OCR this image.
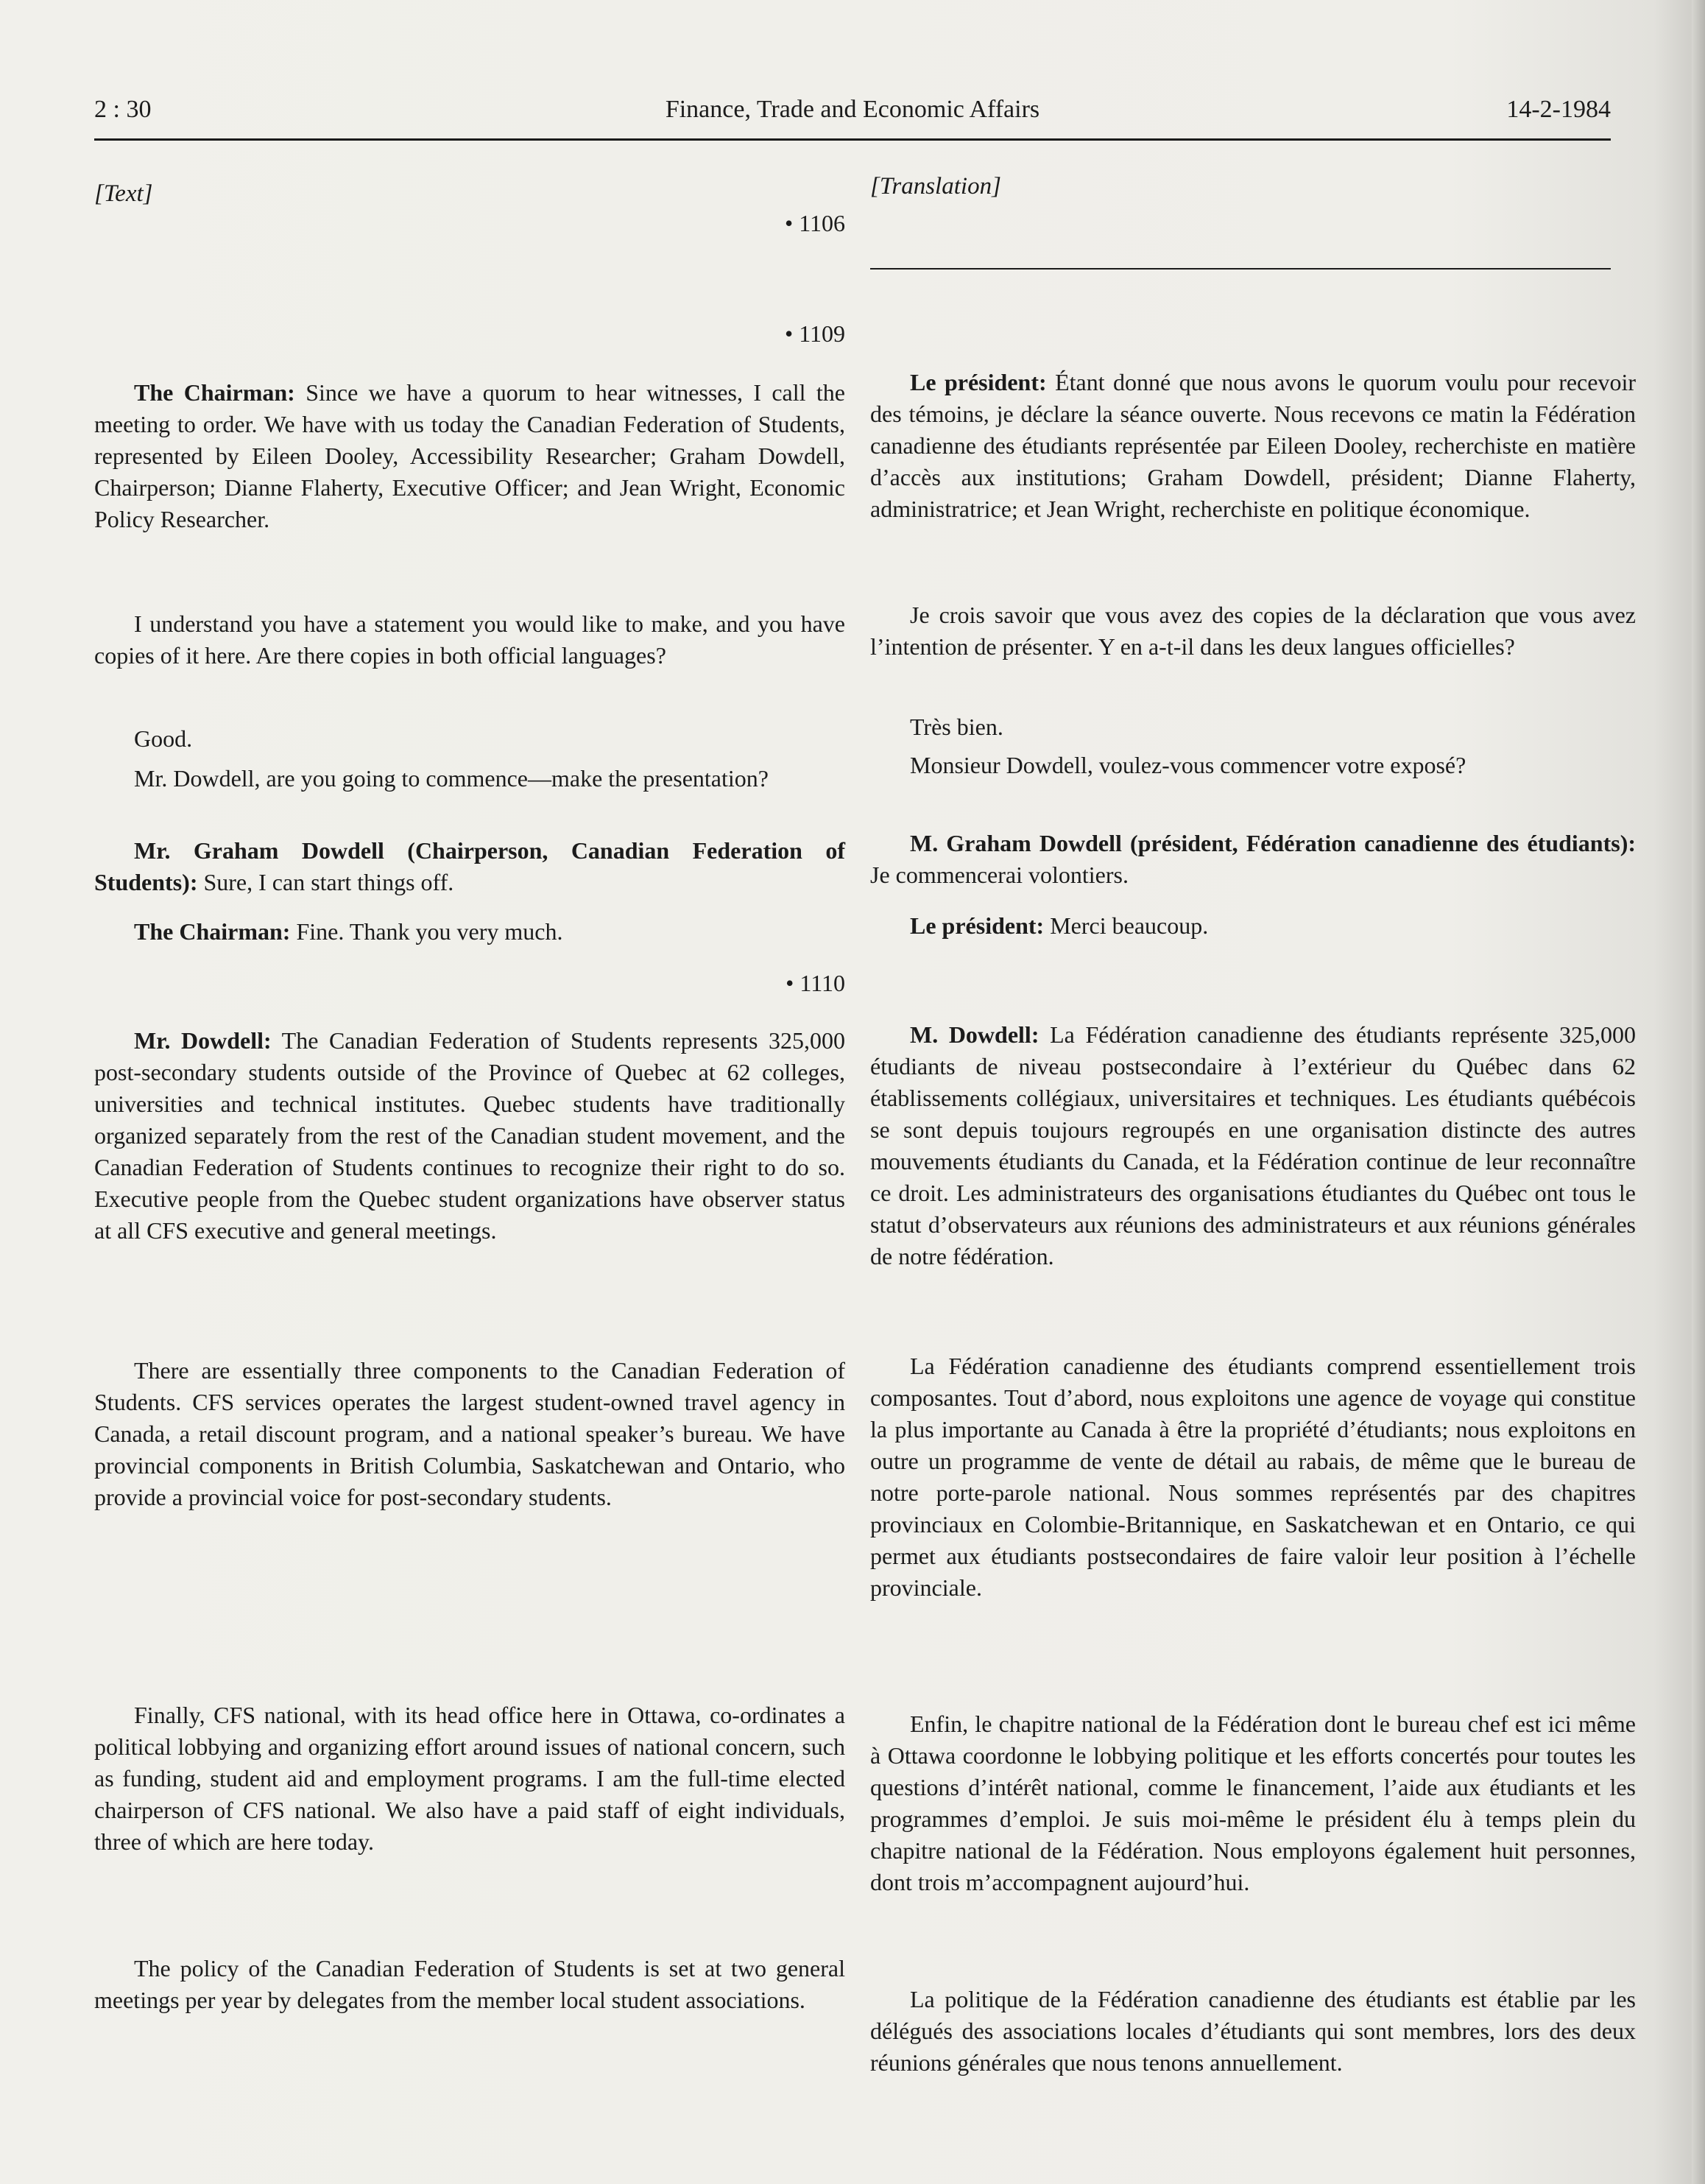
2 : 30	Finance, Trade and Economic Affairs	14-2-1984
[Text]
• 1106
• 1109

The Chairman: Since we have a quorum to hear witnesses, I call the meeting to order. We have with us today the Canadian Federation of Students, represented by Eileen Dooley, Accessibility Researcher; Graham Dowdell, Chairperson; Dianne Flaherty, Executive Officer; and Jean Wright, Economic Policy Researcher.

I understand you have a statement you would like to make, and you have copies of it here. Are there copies in both official languages?

Good.

Mr. Dowdell, are you going to commence—make the presentation?

Mr. Graham Dowdell (Chairperson, Canadian Federation of Students): Sure, I can start things off.

The Chairman: Fine. Thank you very much.

• 1110

Mr. Dowdell: The Canadian Federation of Students represents 325,000 post-secondary students outside of the Province of Quebec at 62 colleges, universities and technical institutes. Quebec students have traditionally organized separately from the rest of the Canadian student movement, and the Canadian Federation of Students continues to recognize their right to do so. Executive people from the Quebec student organizations have observer status at all CFS executive and general meetings.

There are essentially three components to the Canadian Federation of Students. CFS services operates the largest student-owned travel agency in Canada, a retail discount program, and a national speaker’s bureau. We have provincial components in British Columbia, Saskatchewan and Ontario, who provide a provincial voice for post-secondary students.

Finally, CFS national, with its head office here in Ottawa, co-ordinates a political lobbying and organizing effort around issues of national concern, such as funding, student aid and employment programs. I am the full-time elected chairperson of CFS national. We also have a paid staff of eight individuals, three of which are here today.

The policy of the Canadian Federation of Students is set at two general meetings per year by delegates from the member local student associations.

[Translation]

Le président: Étant donné que nous avons le quorum voulu pour recevoir des témoins, je déclare la séance ouverte. Nous recevons ce matin la Fédération canadienne des étudiants représentée par Eileen Dooley, recherchiste en matière d’accès aux institutions; Graham Dowdell, président; Dianne Flaherty, administratrice; et Jean Wright, recherchiste en politique économique.

Je crois savoir que vous avez des copies de la déclaration que vous avez l’intention de présenter. Y en a-t-il dans les deux langues officielles?

Très bien.

Monsieur Dowdell, voulez-vous commencer votre exposé?

M. Graham Dowdell (président, Fédération canadienne des étudiants): Je commencerai volontiers.

Le président: Merci beaucoup.

M. Dowdell: La Fédération canadienne des étudiants représente 325,000 étudiants de niveau postsecondaire à l’extérieur du Québec dans 62 établissements collégiaux, universitaires et techniques. Les étudiants québécois se sont depuis toujours regroupés en une organisation distincte des autres mouvements étudiants du Canada, et la Fédération continue de leur reconnaître ce droit. Les administrateurs des organisations étudiantes du Québec ont tous le statut d’observateurs aux réunions des administrateurs et aux réunions générales de notre fédération.

La Fédération canadienne des étudiants comprend essentiellement trois composantes. Tout d’abord, nous exploitons une agence de voyage qui constitue la plus importante au Canada à être la propriété d’étudiants; nous exploitons en outre un programme de vente de détail au rabais, de même que le bureau de notre porte-parole national. Nous sommes représentés par des chapitres provinciaux en Colombie-Britannique, en Saskatchewan et en Ontario, ce qui permet aux étudiants postsecondaires de faire valoir leur position à l’échelle provinciale.

Enfin, le chapitre national de la Fédération dont le bureau chef est ici même à Ottawa coordonne le lobbying politique et les efforts concertés pour toutes les questions d’intérêt national, comme le financement, l’aide aux étudiants et les programmes d’emploi. Je suis moi-même le président élu à temps plein du chapitre national de la Fédération. Nous employons également huit personnes, dont trois m’accompagnent aujourd’hui.

La politique de la Fédération canadienne des étudiants est établie par les délégués des associations locales d’étudiants qui sont membres, lors des deux réunions générales que nous tenons annuellement.
